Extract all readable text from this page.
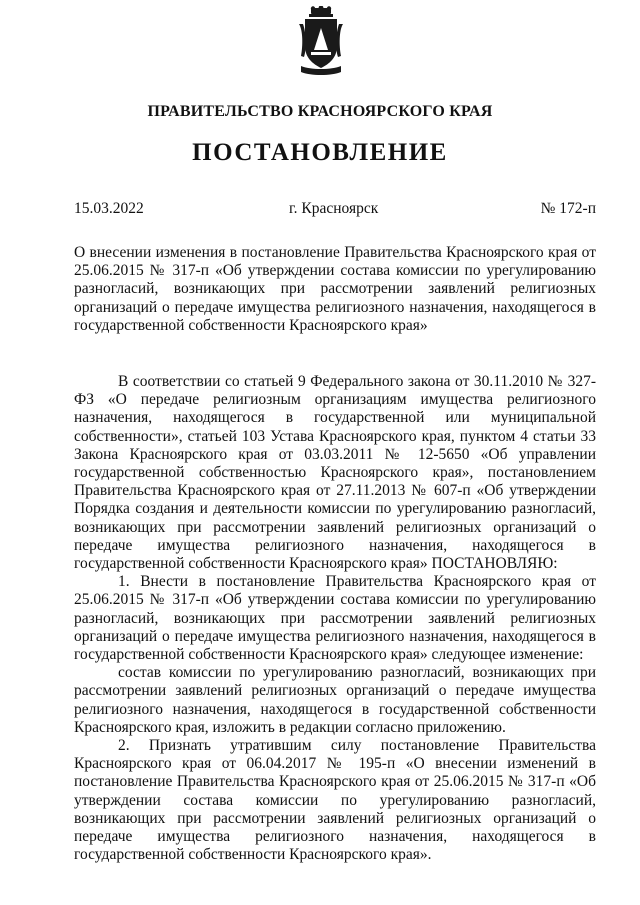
ПРАВИТЕЛЬСТВО КРАСНОЯРСКОГО КРАЯ
ПОСТАНОВЛЕНИЕ
15.03.2022	г. Красноярск	№ 172-п
О внесении изменения в постановление Правительства Красноярского края от 25.06.2015 № 317-п «Об утверждении состава комиссии по урегулированию разногласий, возникающих при рассмотрении заявлений религиозных организаций о передаче имущества религиозного назначения, находящегося в государственной собственности Красноярского края»

В соответствии со статьей 9 Федерального закона от 30.11.2010 № 327-ФЗ «О передаче религиозным организациям имущества религиозного назначения, находящегося в государственной или муниципальной собственности», статьей 103 Устава Красноярского края, пунктом 4 статьи 33 Закона Красноярского края от 03.03.2011 № 12-5650 «Об управлении государственной собственностью Красноярского края», постановлением Правительства Красноярского края от 27.11.2013 № 607-п «Об утверждении Порядка создания и деятельности комиссии по урегулированию разногласий, возникающих при рассмотрении заявлений религиозных организаций о передаче имущества религиозного назначения, находящегося в государственной собственности Красноярского края» ПОСТАНОВЛЯЮ:

1. Внести в постановление Правительства Красноярского края от 25.06.2015 № 317-п «Об утверждении состава комиссии по урегулированию разногласий, возникающих при рассмотрении заявлений религиозных организаций о передаче имущества религиозного назначения, находящегося в государственной собственности Красноярского края» следующее изменение:

состав комиссии по урегулированию разногласий, возникающих при рассмотрении заявлений религиозных организаций о передаче имущества религиозного назначения, находящегося в государственной собственности Красноярского края, изложить в редакции согласно приложению.

2. Признать утратившим силу постановление Правительства Красноярского края от 06.04.2017 № 195-п «О внесении изменений в постановление Правительства Красноярского края от 25.06.2015 № 317-п «Об утверждении состава комиссии по урегулированию разногласий, возникающих при рассмотрении заявлений религиозных организаций о передаче имущества религиозного назначения, находящегося в государственной собственности Красноярского края».
